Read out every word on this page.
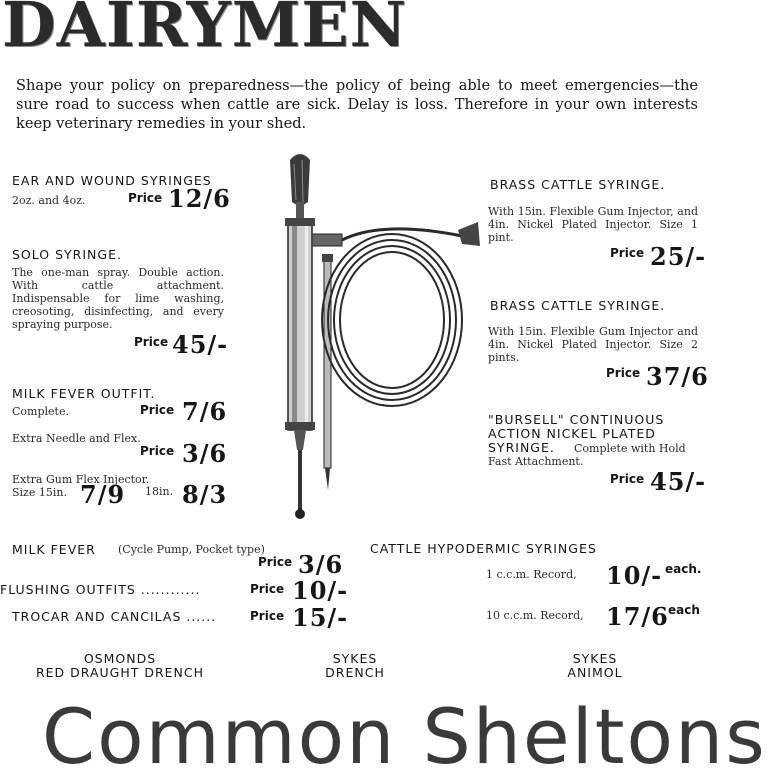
DAIRYMEN
Shape your policy on preparedness—the policy of being able to meet emergencies—the sure road to success when cattle are sick. Delay is loss. Therefore in your own interests keep veterinary remedies in your shed.
EAR AND WOUND SYRINGES
2oz. and 4oz.	Price 12/6
SOLO SYRINGE.
The one-man spray. Double action. With cattle attachment. Indispensable for lime washing, creosoting, disinfecting, and every spraying purpose.
Price 45/-
MILK FEVER OUTFIT.
Complete.	Price 7/6
Extra Needle and Flex.
Price 3/6
Extra Gum Flex Injector.
Size 15in. 7/9 18in. 8/3
BRASS CATTLE SYRINGE.
With 15in. Flexible Gum Injector, and 4in. Nickel Plated Injector. Size 1 pint.
Price 25/-
BRASS CATTLE SYRINGE.
With 15in. Flexible Gum Injector and 4in. Nickel Plated Injector. Size 2 pints.
Price 37/6
"BURSELL" CONTINUOUS
ACTION NICKEL PLATED
SYRINGE. Complete with Hold
Fast Attachment.
Price 45/-
MILK FEVER (Cycle Pump, Pocket type)
Price 3/6
FLUSHING OUTFITS ............	Price 10/-
TROCAR AND CANCILAS ......	Price 15/-
CATTLE HYPODERMIC SYRINGES
1 c.c.m. Record, 10/- each.
10 c.c.m. Record, 17/6 each
OSMONDS
RED DRAUGHT DRENCH
SYKES
DRENCH
SYKES
ANIMOL
Common Sheltons
